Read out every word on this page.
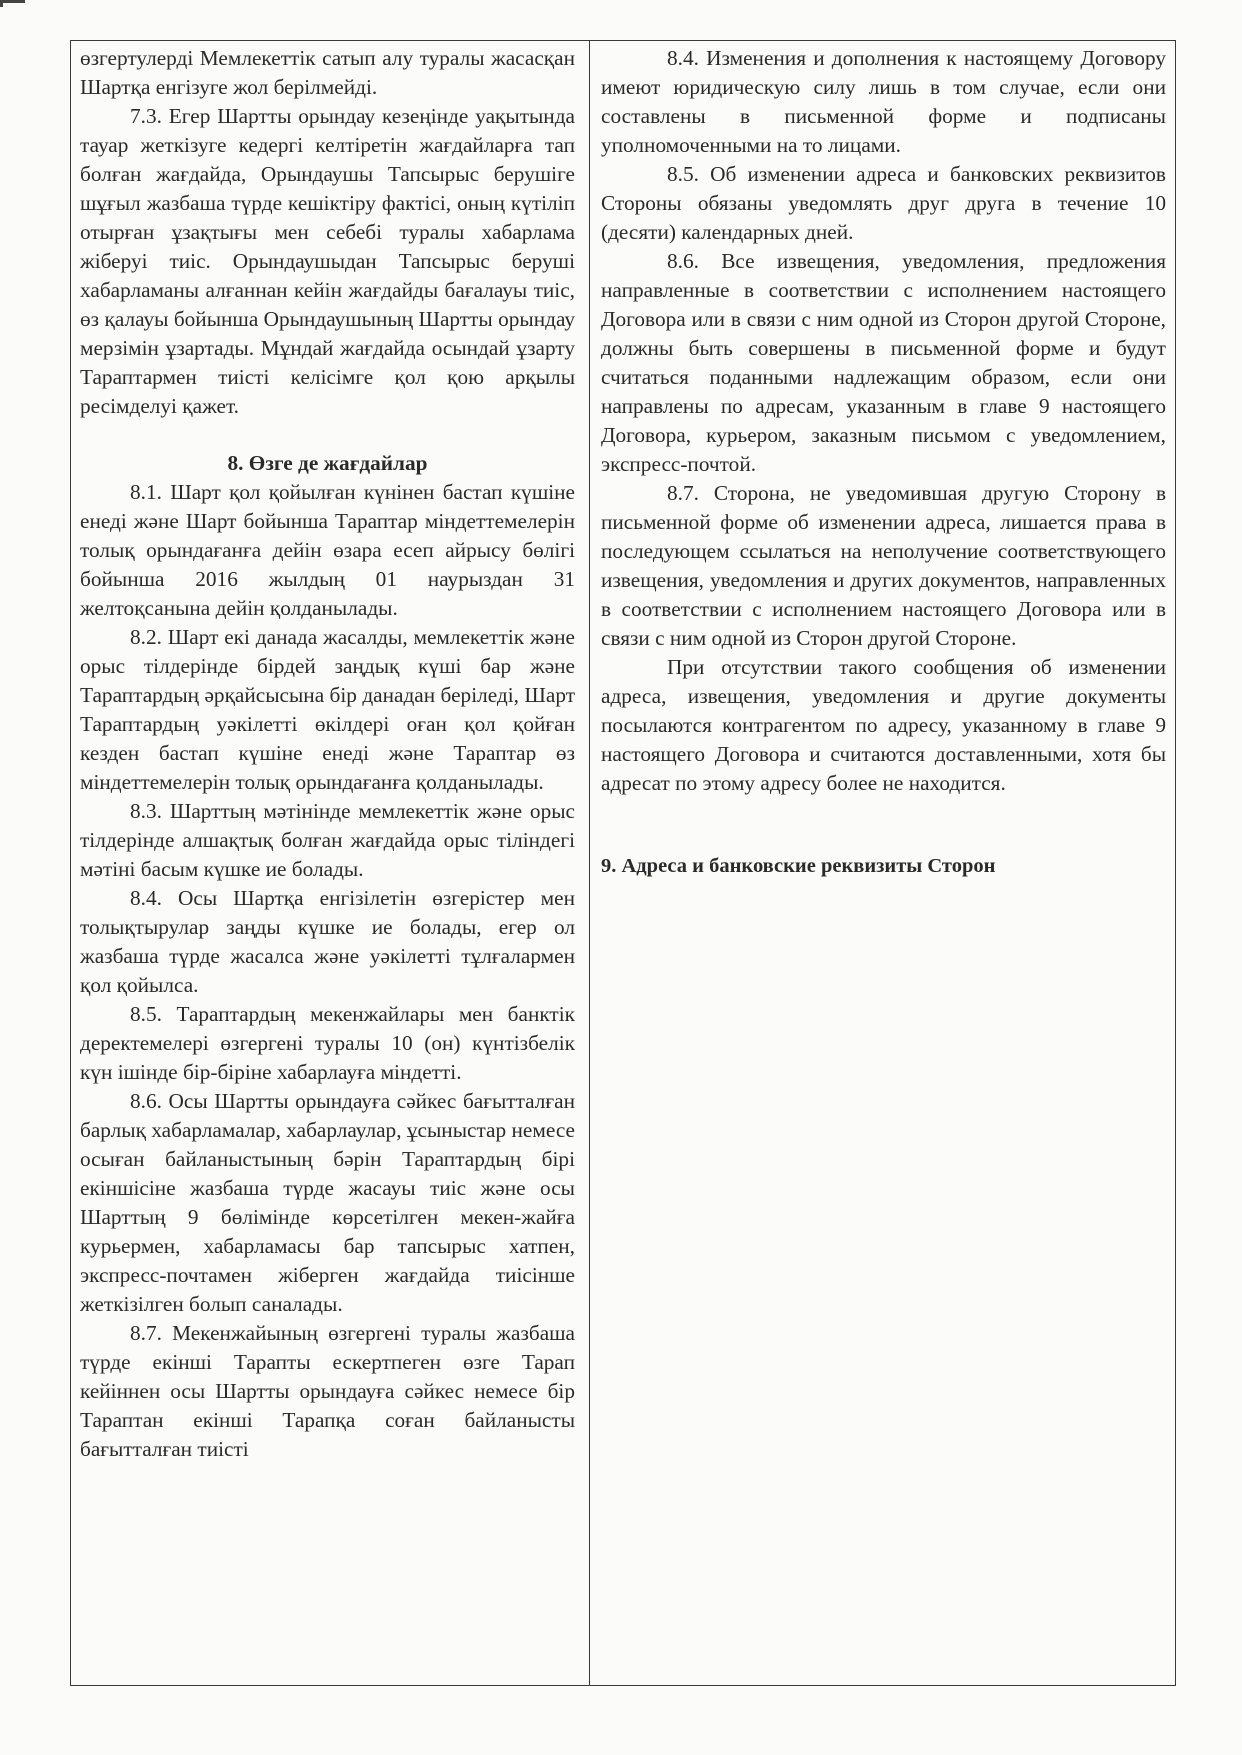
өзгертулерді Мемлекеттік сатып алу туралы жасасқан Шартқа енгізуге жол берілмейді.

7.3. Егер Шартты орындау кезеңінде уақытында тауар жеткізуге кедергі келтіретін жағдайларға тап болған жағдайда, Орындаушы Тапсырыс берушіге шұғыл жазбаша түрде кешіктіру фактісі, оның күтіліп отырған ұзақтығы мен себебі туралы хабарлама жіберуі тиіс. Орындаушыдан Тапсырыс беруші хабарламаны алғаннан кейін жағдайды бағалауы тиіс, өз қалауы бойынша Орындаушының Шартты орындау мерзімін ұзартады. Мұндай жағдайда осындай ұзарту Тараптармен тиісті келісімге қол қою арқылы ресімделуі қажет.

8. Өзге де жағдайлар

8.1. Шарт қол қойылған күнінен бастап күшіне енеді және Шарт бойынша Тараптар міндеттемелерін толық орындағанға дейін өзара есеп айрысу бөлігі бойынша 2016 жылдың 01 наурыздан 31 желтоқсанына дейін қолданылады.

8.2. Шарт екі данада жасалды, мемлекеттік және орыс тілдерінде бірдей заңдық күші бар және Тараптардың әрқайсысына бір данадан беріледі, Шарт Тараптардың уәкілетті өкілдері оған қол қойған кезден бастап күшіне енеді және Тараптар өз міндеттемелерін толық орындағанға қолданылады.

8.3. Шарттың мәтінінде мемлекеттік және орыс тілдерінде алшақтық болған жағдайда орыс тіліндегі мәтіні басым күшке ие болады.

8.4. Осы Шартқа енгізілетін өзгерістер мен толықтырулар заңды күшке ие болады, егер ол жазбаша түрде жасалса және уәкілетті тұлғалармен қол қойылса.

8.5. Тараптардың мекенжайлары мен банктік деректемелері өзгергені туралы 10 (он) күнтізбелік күн ішінде бір-біріне хабарлауға міндетті.

8.6. Осы Шартты орындауға сәйкес бағытталған барлық хабарламалар, хабарлаулар, ұсыныстар немесе осыған байланыстының бәрін Тараптардың бірі екіншісіне жазбаша түрде жасауы тиіс және осы Шарттың 9 бөлімінде көрсетілген мекен-жайға курьермен, хабарламасы бар тапсырыс хатпен, экспресс-почтамен жіберген жағдайда тиісінше жеткізілген болып саналады.

8.7. Мекенжайының өзгергені туралы жазбаша түрде екінші Тарапты ескертпеген өзге Тарап кейіннен осы Шартты орындауға сәйкес немесе бір Тараптан екінші Тарапқа соған байланысты бағытталған тиісті

8.4. Изменения и дополнения к настоящему Договору имеют юридическую силу лишь в том случае, если они составлены в письменной форме и подписаны уполномоченными на то лицами.

8.5. Об изменении адреса и банковских реквизитов Стороны обязаны уведомлять друг друга в течение 10 (десяти) календарных дней.

8.6. Все извещения, уведомления, предложения направленные в соответствии с исполнением настоящего Договора или в связи с ним одной из Сторон другой Стороне, должны быть совершены в письменной форме и будут считаться поданными надлежащим образом, если они направлены по адресам, указанным в главе 9 настоящего Договора, курьером, заказным письмом с уведомлением, экспресс-почтой.

8.7. Сторона, не уведомившая другую Сторону в письменной форме об изменении адреса, лишается права в последующем ссылаться на неполучение соответствующего извещения, уведомления и других документов, направленных в соответствии с исполнением настоящего Договора или в связи с ним одной из Сторон другой Стороне.

При отсутствии такого сообщения об изменении адреса, извещения, уведомления и другие документы посылаются контрагентом по адресу, указанному в главе 9 настоящего Договора и считаются доставленными, хотя бы адресат по этому адресу более не находится.

9. Адреса и банковские реквизиты Сторон
